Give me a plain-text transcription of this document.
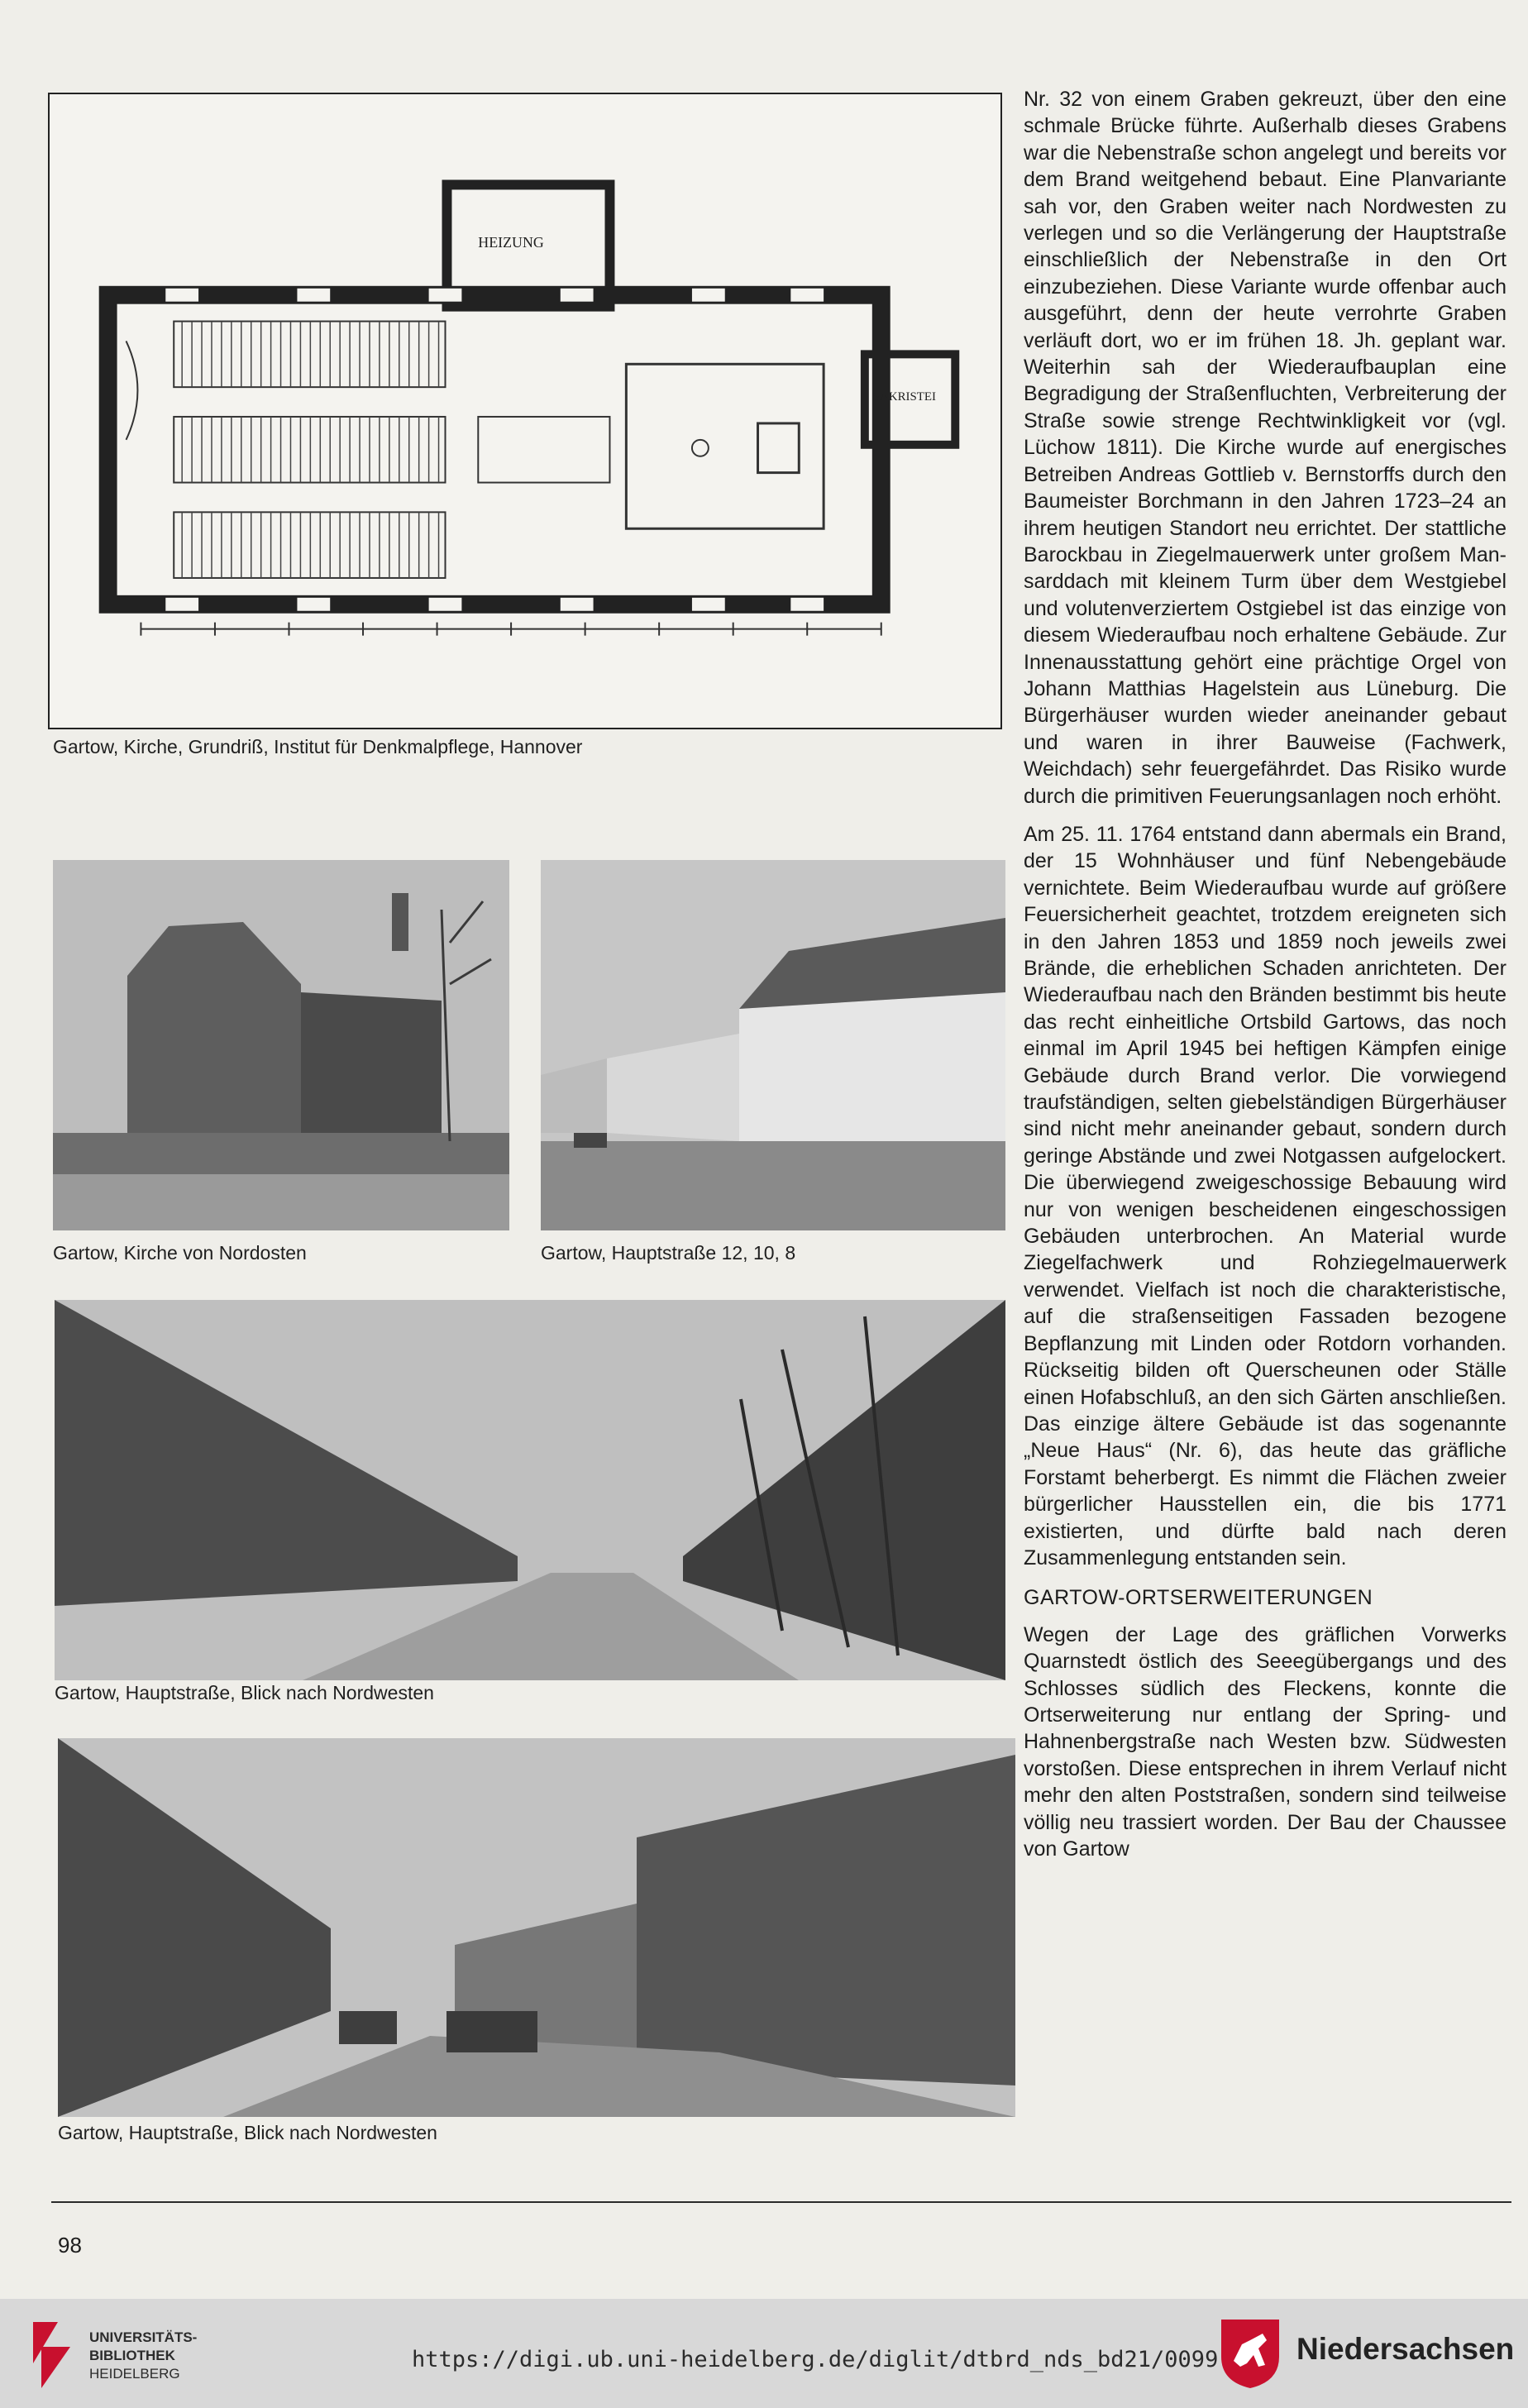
HEIZUNG
SAKRISTEI
Gartow, Kirche, Grundriß, Institut für Denkmalpflege, Hannover
Gartow, Kirche von Nordosten	Gartow, Hauptstraße 12, 10, 8
Gartow, Hauptstraße, Blick nach Nordwesten
Gartow, Hauptstraße, Blick nach Nordwesten

Nr. 32 von einem Graben gekreuzt, über den eine schmale Brücke führte. Außerhalb dieses Grabens war die Nebenstraße schon angelegt und bereits vor dem Brand weitgehend bebaut. Eine Planvariante sah vor, den Graben weiter nach Nordwesten zu verlegen und so die Verlängerung der Hauptstraße einschließlich der Nebenstraße in den Ort einzubeziehen. Diese Variante wurde offenbar auch ausgeführt, denn der heute verrohrte Graben verläuft dort, wo er im frühen 18. Jh. geplant war. Weiterhin sah der Wiederaufbauplan eine Begradigung der Straßenfluchten, Verbreiterung der Straße sowie strenge Rechtwinkligkeit vor (vgl. Lüchow 1811). Die Kirche wurde auf energisches Betreiben Andreas Gottlieb v. Bernstorffs durch den Baumeister Borchmann in den Jahren 1723–24 an ihrem heutigen Standort neu errichtet. Der stattliche Barockbau in Ziegelmauerwerk unter großem Mansarddach mit kleinem Turm über dem Westgiebel und volutenverziertem Ostgiebel ist das einzige von diesem Wiederaufbau noch erhaltene Gebäude. Zur Innenausstattung gehört eine prächtige Orgel von Johann Matthias Hagelstein aus Lüneburg. Die Bürgerhäuser wurden wieder aneinander gebaut und waren in ihrer Bauweise (Fachwerk, Weichdach) sehr feuergefährdet. Das Risiko wurde durch die primitiven Feuerungsanlagen noch erhöht.

Am 25. 11. 1764 entstand dann abermals ein Brand, der 15 Wohnhäuser und fünf Nebengebäude vernichtete. Beim Wiederaufbau wurde auf größere Feuersicherheit geachtet, trotzdem ereigneten sich in den Jahren 1853 und 1859 noch jeweils zwei Brände, die erheblichen Schaden anrichteten. Der Wiederaufbau nach den Bränden bestimmt bis heute das recht einheitliche Ortsbild Gartows, das noch einmal im April 1945 bei heftigen Kämpfen einige Gebäude durch Brand verlor. Die vorwiegend traufständigen, selten giebelständigen Bürgerhäuser sind nicht mehr aneinander gebaut, sondern durch geringe Abstände und zwei Notgassen aufgelockert. Die überwiegend zweigeschossige Bebauung wird nur von wenigen bescheidenen eingeschossigen Gebäuden unterbrochen. An Material wurde Ziegelfachwerk und Rohziegelmauerwerk verwendet. Vielfach ist noch die charakteristische, auf die straßenseitigen Fassaden bezogene Bepflanzung mit Linden oder Rotdorn vorhanden. Rückseitig bilden oft Querscheunen oder Ställe einen Hofabschluß, an den sich Gärten anschließen. Das einzige ältere Gebäude ist das sogenannte „Neue Haus“ (Nr. 6), das heute das gräfliche Forstamt beherbergt. Es nimmt die Flächen zweier bürgerlicher Hausstellen ein, die bis 1771 existierten, und dürfte bald nach deren Zusammenlegung entstanden sein.

GARTOW-ORTSERWEITERUNGEN

Wegen der Lage des gräflichen Vorwerks Quarnstedt östlich des Seeegübergangs und des Schlosses südlich des Fleckens, konnte die Ortserweiterung nur entlang der Spring- und Hahnenbergstraße nach Westen bzw. Südwesten vorstoßen. Diese entsprechen in ihrem Verlauf nicht mehr den alten Poststraßen, sondern sind teilweise völlig neu trassiert worden. Der Bau der Chaussee von Gartow

98
UNIVERSITÄTS-
BIBLIOTHEK
HEIDELBERG
https://digi.ub.uni-heidelberg.de/diglit/dtbrd_nds_bd21/0099	Niedersachsen
